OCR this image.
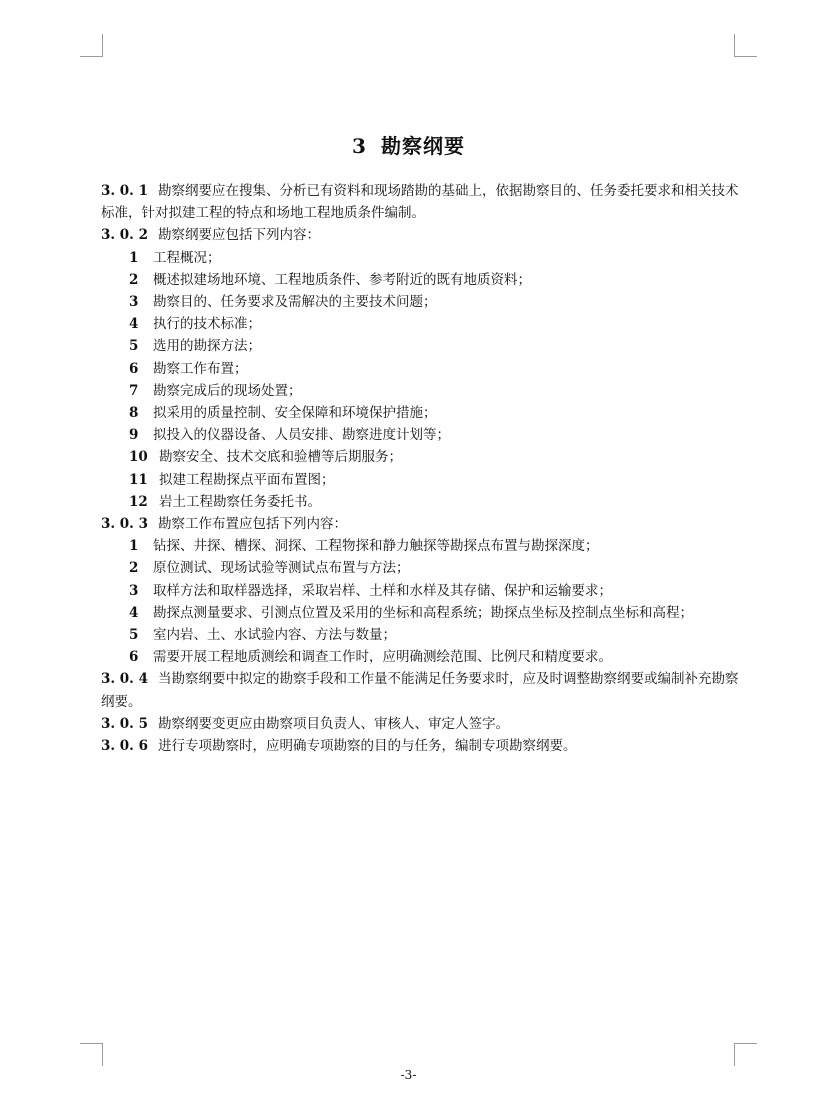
3 勘察纲要
3. 0. 1 勘察纲要应在搜集、分析已有资料和现场踏勘的基础上，依据勘察目的、任务委托要求和相关技术标准，针对拟建工程的特点和场地工程地质条件编制。
3. 0. 2 勘察纲要应包括下列内容：
1 工程概况；
2 概述拟建场地环境、工程地质条件、参考附近的既有地质资料；
3 勘察目的、任务要求及需解决的主要技术问题；
4 执行的技术标准；
5 选用的勘探方法；
6 勘察工作布置；
7 勘察完成后的现场处置；
8 拟采用的质量控制、安全保障和环境保护措施；
9 拟投入的仪器设备、人员安排、勘察进度计划等；
10 勘察安全、技术交底和验槽等后期服务；
11 拟建工程勘探点平面布置图；
12 岩土工程勘察任务委托书。
3. 0. 3 勘察工作布置应包括下列内容：
1 钻探、井探、槽探、洞探、工程物探和静力触探等勘探点布置与勘探深度；
2 原位测试、现场试验等测试点布置与方法；
3 取样方法和取样器选择，采取岩样、土样和水样及其存储、保护和运输要求；
4 勘探点测量要求、引测点位置及采用的坐标和高程系统；勘探点坐标及控制点坐标和高程；
5 室内岩、土、水试验内容、方法与数量；
6 需要开展工程地质测绘和调查工作时，应明确测绘范围、比例尺和精度要求。
3. 0. 4 当勘察纲要中拟定的勘察手段和工作量不能满足任务要求时，应及时调整勘察纲要或编制补充勘察纲要。
3. 0. 5 勘察纲要变更应由勘察项目负责人、审核人、审定人签字。
3. 0. 6 进行专项勘察时，应明确专项勘察的目的与任务，编制专项勘察纲要。
-3-
